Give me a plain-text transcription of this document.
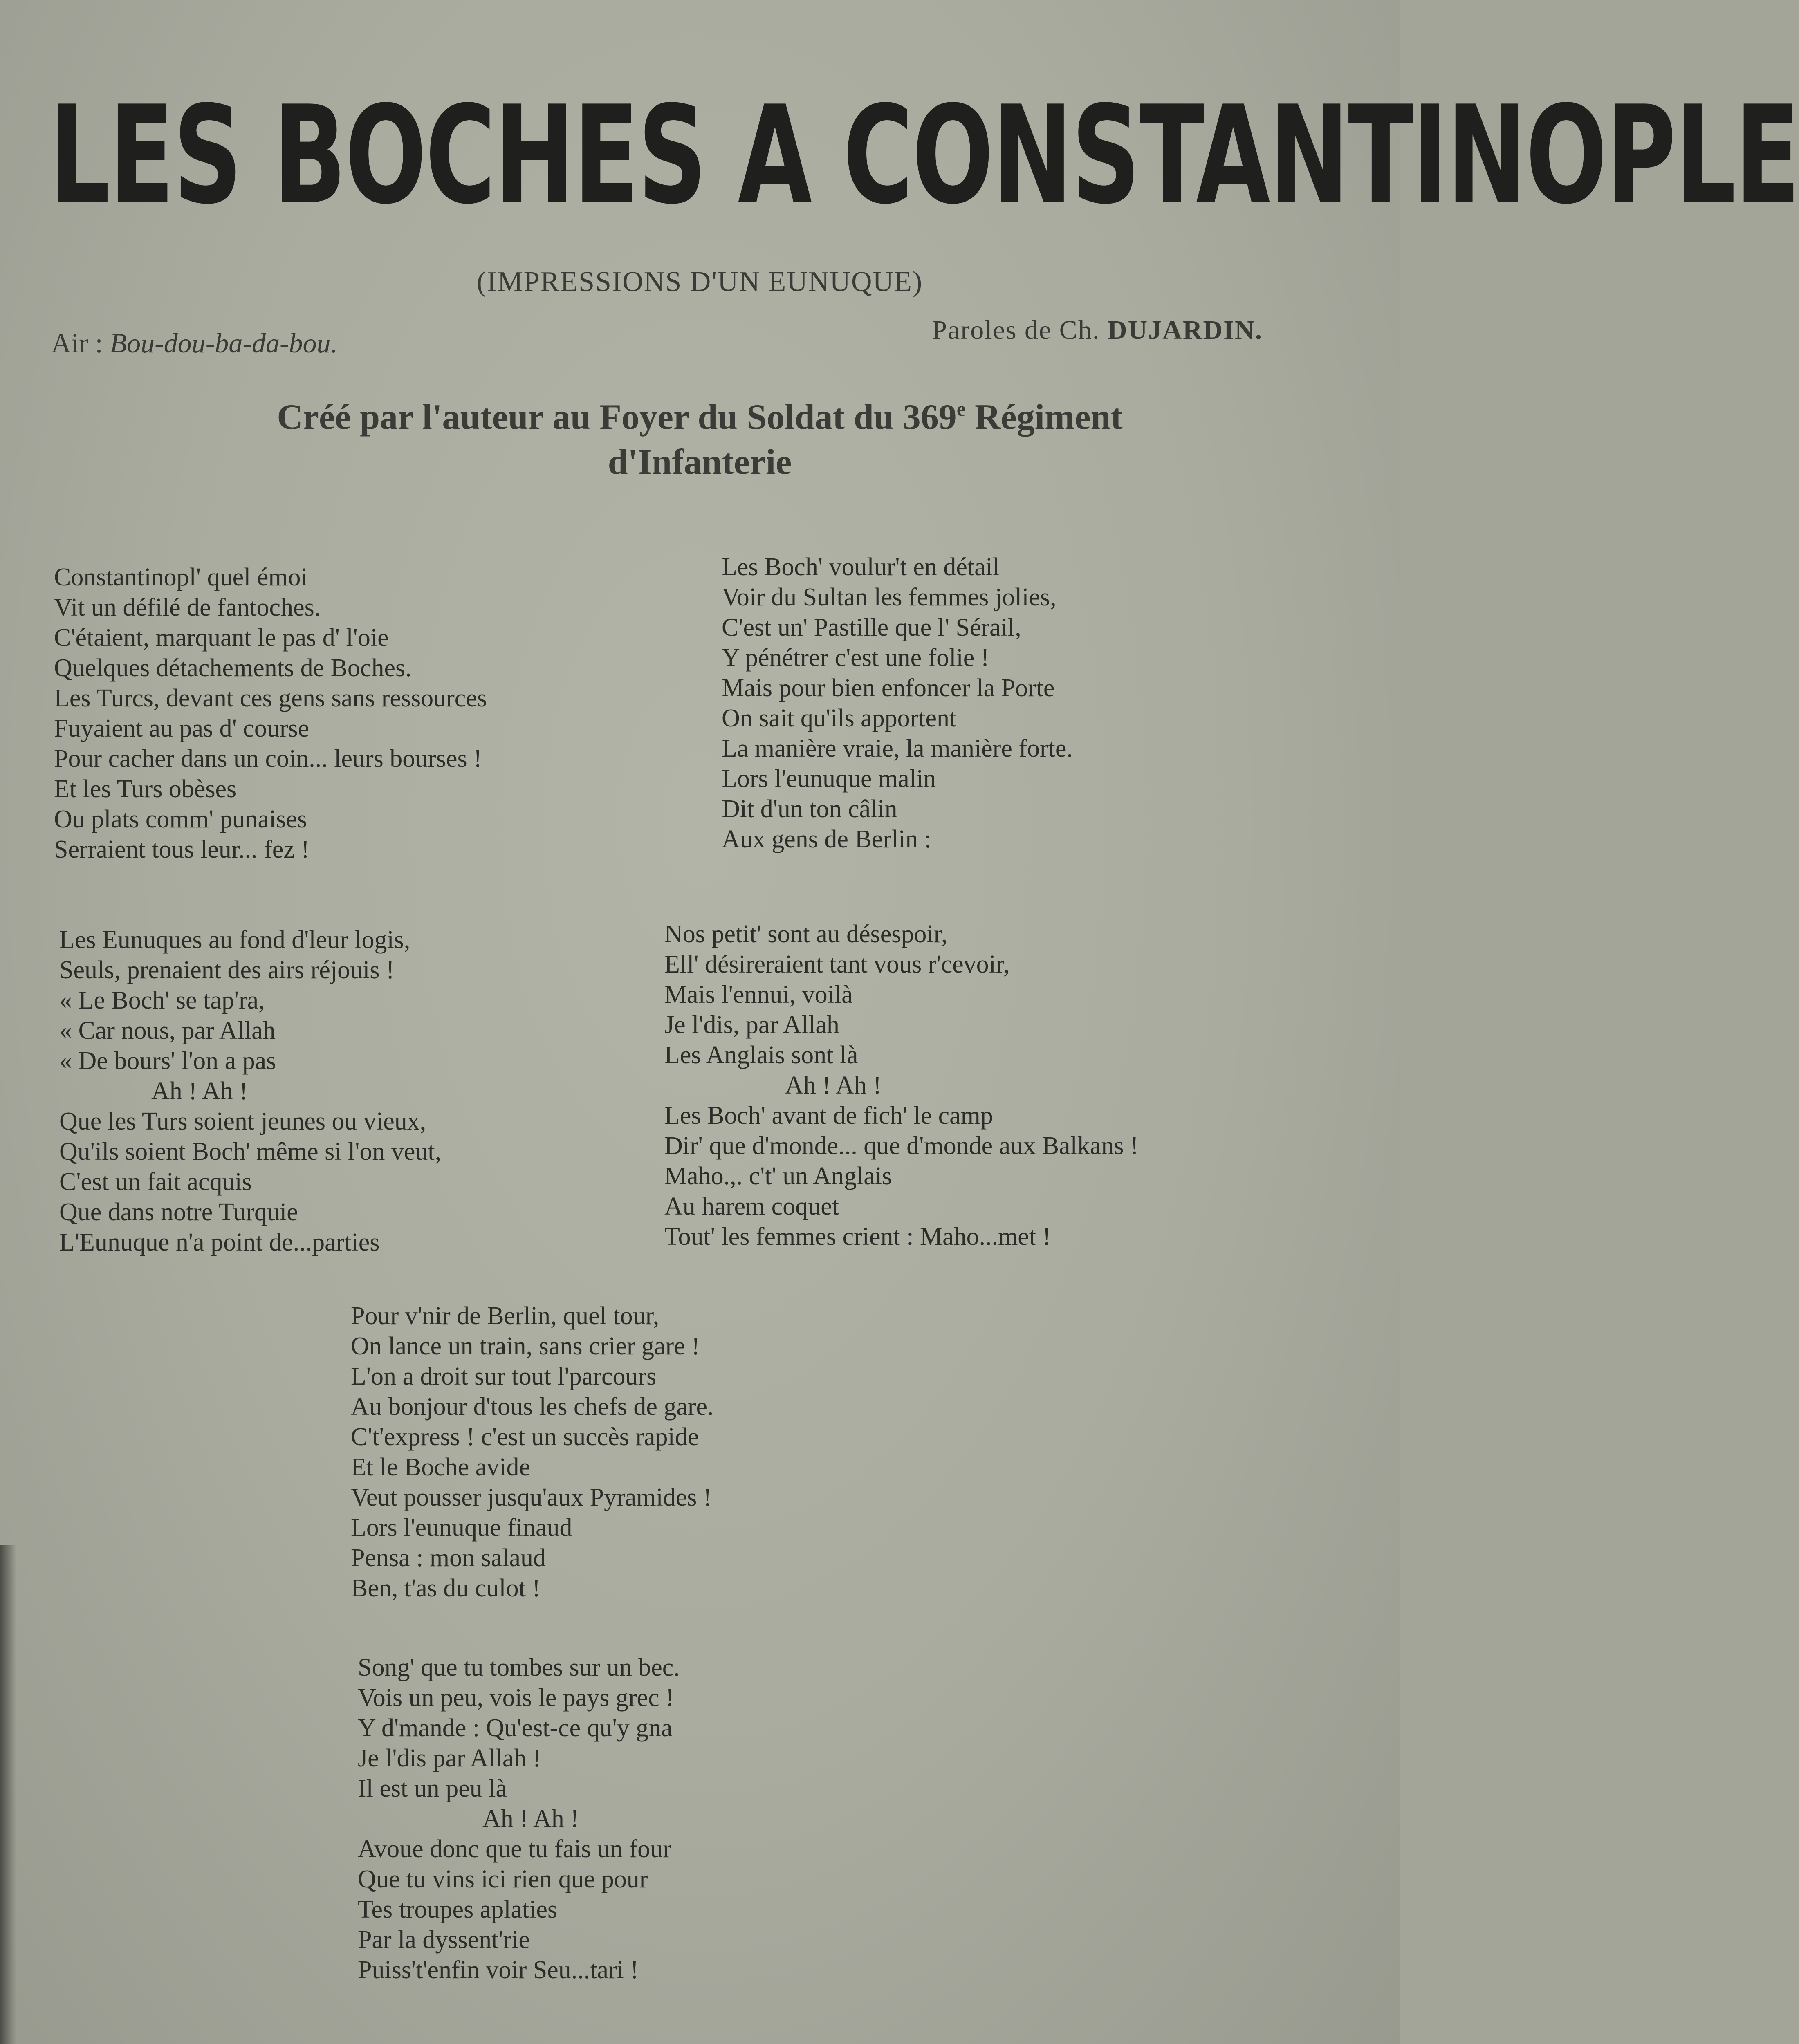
LES BOCHES A CONSTANTINOPLE
(IMPRESSIONS D'UN EUNUQUE)
Air : Bou-dou-ba-da-bou.	Paroles de Ch. DUJARDIN.
Créé par l'auteur au Foyer du Soldat du 369e Régiment
d'Infanterie
Constantinopl' quel émoi
Vit un défilé de fantoches.
C'étaient, marquant le pas d' l'oie
Quelques détachements de Boches.
Les Turcs, devant ces gens sans ressources
Fuyaient au pas d' course
Pour cacher dans un coin... leurs bourses !
Et les Turs obèses
Ou plats comm' punaises
Serraient tous leur... fez !
Les Boch' voulur't en détail
Voir du Sultan les femmes jolies,
C'est un' Pastille que l' Sérail,
Y pénétrer c'est une folie !
Mais pour bien enfoncer la Porte
On sait qu'ils apportent
La manière vraie, la manière forte.
Lors l'eunuque malin
Dit d'un ton câlin
Aux gens de Berlin :
Les Eunuques au fond d'leur logis,
Seuls, prenaient des airs réjouis !
« Le Boch' se tap'ra,
« Car nous, par Allah
« De bours' l'on a pas
Ah ! Ah !
Que les Turs soient jeunes ou vieux,
Qu'ils soient Boch' même si l'on veut,
C'est un fait acquis
Que dans notre Turquie
L'Eunuque n'a point de...parties
Nos petit' sont au désespoir,
Ell' désireraient tant vous r'cevoir,
Mais l'ennui, voilà
Je l'dis, par Allah
Les Anglais sont là
Ah ! Ah !
Les Boch' avant de fich' le camp
Dir' que d'monde... que d'monde aux Balkans !
Maho.,. c't' un Anglais
Au harem coquet
Tout' les femmes crient : Maho...met !
Pour v'nir de Berlin, quel tour,
On lance un train, sans crier gare !
L'on a droit sur tout l'parcours
Au bonjour d'tous les chefs de gare.
C't'express ! c'est un succès rapide
Et le Boche avide
Veut pousser jusqu'aux Pyramides !
Lors l'eunuque finaud
Pensa : mon salaud
Ben, t'as du culot !
Song' que tu tombes sur un bec.
Vois un peu, vois le pays grec !
Y d'mande : Qu'est-ce qu'y gna
Je l'dis par Allah !
Il est un peu là
Ah ! Ah !
Avoue donc que tu fais un four
Que tu vins ici rien que pour
Tes troupes aplaties
Par la dyssent'rie
Puiss't'enfin voir Seu...tari !
